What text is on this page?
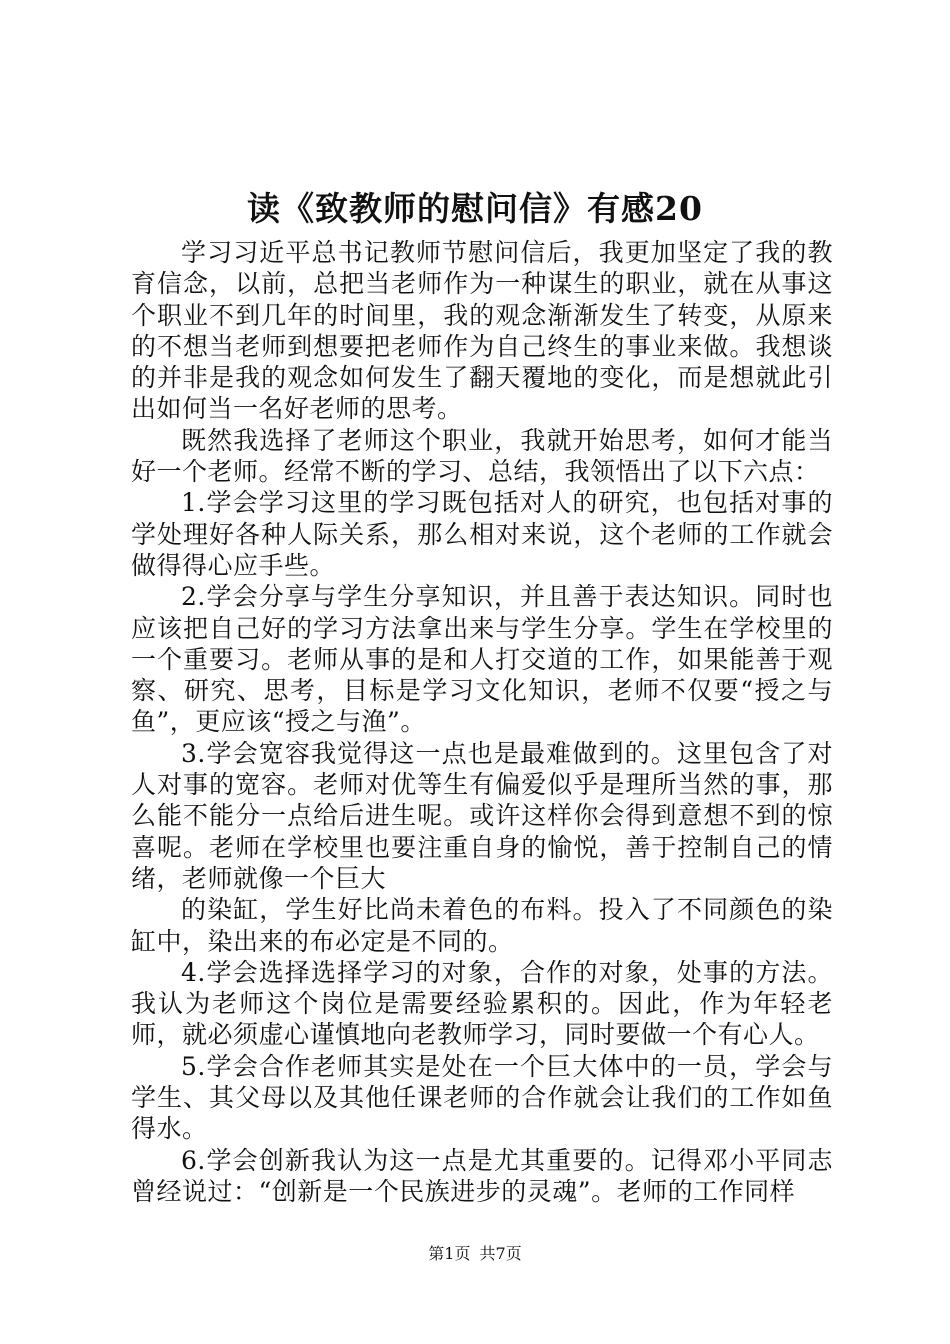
读《致教师的慰问信》有感20

学习习近平总书记教师节慰问信后，我更加坚定了我的教育信念，以前，总把当老师作为一种谋生的职业，就在从事这个职业不到几年的时间里，我的观念渐渐发生了转变，从原来的不想当老师到想要把老师作为自己终生的事业来做。我想谈的并非是我的观念如何发生了翻天覆地的变化，而是想就此引出如何当一名好老师的思考。

既然我选择了老师这个职业，我就开始思考，如何才能当好一个老师。经常不断的学习、总结，我领悟出了以下六点：

1.学会学习这里的学习既包括对人的研究，也包括对事的学处理好各种人际关系，那么相对来说，这个老师的工作就会做得得心应手些。

2.学会分享与学生分享知识，并且善于表达知识。同时也应该把自己好的学习方法拿出来与学生分享。学生在学校里的一个重要习。老师从事的是和人打交道的工作，如果能善于观察、研究、思考，目标是学习文化知识，老师不仅要“授之与鱼”，更应该“授之与渔”。

3.学会宽容我觉得这一点也是最难做到的。这里包含了对人对事的宽容。老师对优等生有偏爱似乎是理所当然的事，那么能不能分一点给后进生呢。或许这样你会得到意想不到的惊喜呢。老师在学校里也要注重自身的愉悦，善于控制自己的情绪，老师就像一个巨大

的染缸，学生好比尚未着色的布料。投入了不同颜色的染缸中，染出来的布必定是不同的。

4.学会选择选择学习的对象，合作的对象，处事的方法。我认为老师这个岗位是需要经验累积的。因此，作为年轻老师，就必须虚心谨慎地向老教师学习，同时要做一个有心人。

5.学会合作老师其实是处在一个巨大体中的一员，学会与学生、其父母以及其他任课老师的合作就会让我们的工作如鱼得水。

6.学会创新我认为这一点是尤其重要的。记得邓小平同志曾经说过：“创新是一个民族进步的灵魂”。老师的工作同样

第1页 共7页
